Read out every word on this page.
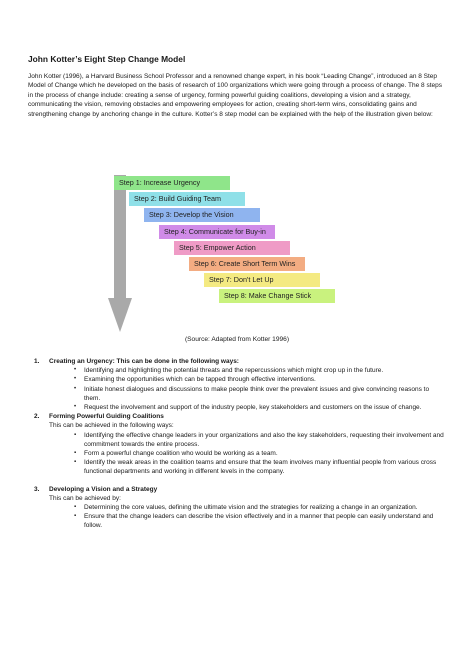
John Kotter’s Eight Step Change Model

John Kotter (1996), a Harvard Business School Professor and a renowned change expert, in his book “Leading Change”, introduced an 8 Step Model of Change which he developed on the basis of research of 100 organizations which were going through a process of change. The 8 steps in the process of change include: creating a sense of urgency, forming powerful guiding coalitions, developing a vision and a strategy, communicating the vision, removing obstacles and empowering employees for action, creating short-term wins, consolidating gains and strengthening change by anchoring change in the culture. Kotter’s 8 step model can be explained with the help of the illustration given below:

Step 1: Increase Urgency
Step 2: Build Guiding Team
Step 3: Develop the Vision
Step 4: Communicate for Buy-in
Step 5: Empower Action
Step 6: Create Short Term Wins
Step 7: Don't Let Up
Step 8: Make Change Stick
(Source: Adapted from Kotter 1996)
1.	Creating an Urgency: This can be done in the following ways:
•	Identifying and highlighting the potential threats and the repercussions which might crop up in the future.
•	Examining the opportunities which can be tapped through effective interventions.
•	Initiate honest dialogues and discussions to make people think over the prevalent issues and give convincing reasons to them.
•	Request the involvement and support of the industry people, key stakeholders and customers on the issue of change.
2.	Forming Powerful Guiding Coalitions
This can be achieved in the following ways:
▪	Identifying the effective change leaders in your organizations and also the key stakeholders, requesting their involvement and commitment towards the entire process.
▪	Form a powerful change coalition who would be working as a team.
▪	Identify the weak areas in the coalition teams and ensure that the team involves many influential people from various cross functional departments and working in different levels in the company.
3.	Developing a Vision and a Strategy
This can be achieved by:
▪	Determining the core values, defining the ultimate vision and the strategies for realizing a change in an organization.
▪	Ensure that the change leaders can describe the vision effectively and in a manner that people can easily understand and follow.
